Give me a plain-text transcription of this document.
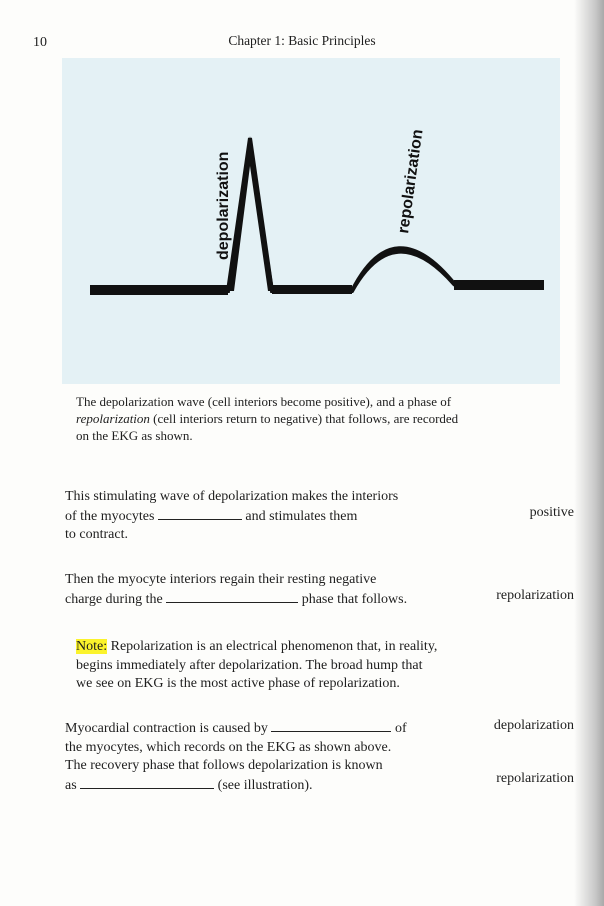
10	Chapter 1: Basic Principles
depolarization	repolarization
The depolarization wave (cell interiors become positive), and a phase of
repolarization (cell interiors return to negative) that follows, are recorded
on the EKG as shown.
This stimulating wave of depolarization makes the interiors
of the myocytes	and stimulates them
to contract.
positive
Then the myocyte interiors regain their resting negative
charge during the	phase that follows.	repolarization
Note: Repolarization is an electrical phenomenon that, in reality,
begins immediately after depolarization. The broad hump that
we see on EKG is the most active phase of repolarization.
Myocardial contraction is caused by	of
the myocytes, which records on the EKG as shown above.
The recovery phase that follows depolarization is known
as	(see illustration).
depolarization
repolarization
